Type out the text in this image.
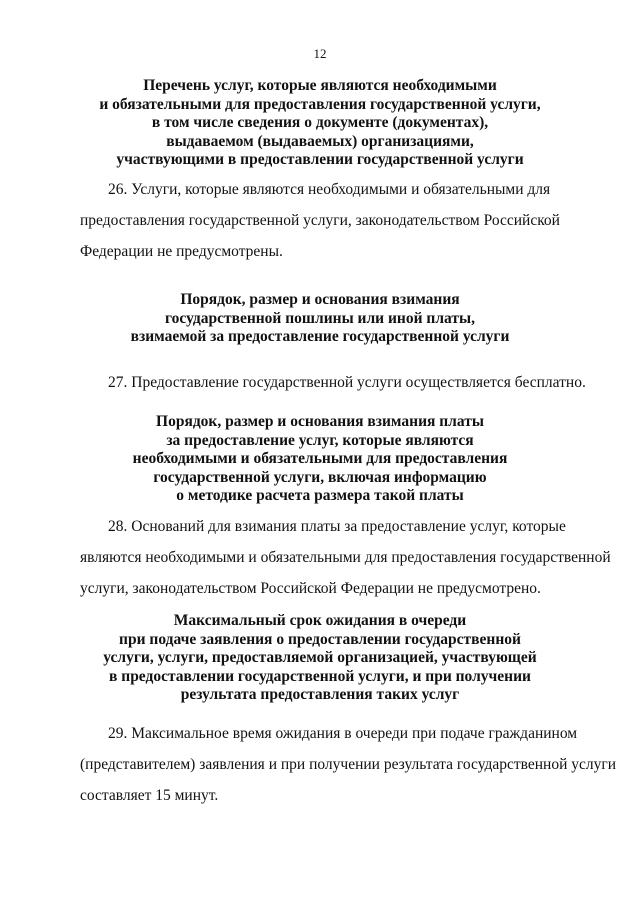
12
Перечень услуг, которые являются необходимыми
и обязательными для предоставления государственной услуги,
в том числе сведения о документе (документах),
выдаваемом (выдаваемых) организациями,
участвующими в предоставлении государственной услуги
26. Услуги, которые являются необходимыми и обязательными для
предоставления государственной услуги, законодательством Российской
Федерации не предусмотрены.
Порядок, размер и основания взимания
государственной пошлины или иной платы,
взимаемой за предоставление государственной услуги
27. Предоставление государственной услуги осуществляется бесплатно.
Порядок, размер и основания взимания платы
за предоставление услуг, которые являются
необходимыми и обязательными для предоставления
государственной услуги, включая информацию
о методике расчета размера такой платы
28. Оснований для взимания платы за предоставление услуг, которые
являются необходимыми и обязательными для предоставления государственной
услуги, законодательством Российской Федерации не предусмотрено.
Максимальный срок ожидания в очереди
при подаче заявления о предоставлении государственной
услуги, услуги, предоставляемой организацией, участвующей
в предоставлении государственной услуги, и при получении
результата предоставления таких услуг
29. Максимальное время ожидания в очереди при подаче гражданином
(представителем) заявления и при получении результата государственной услуги
составляет 15 минут.
